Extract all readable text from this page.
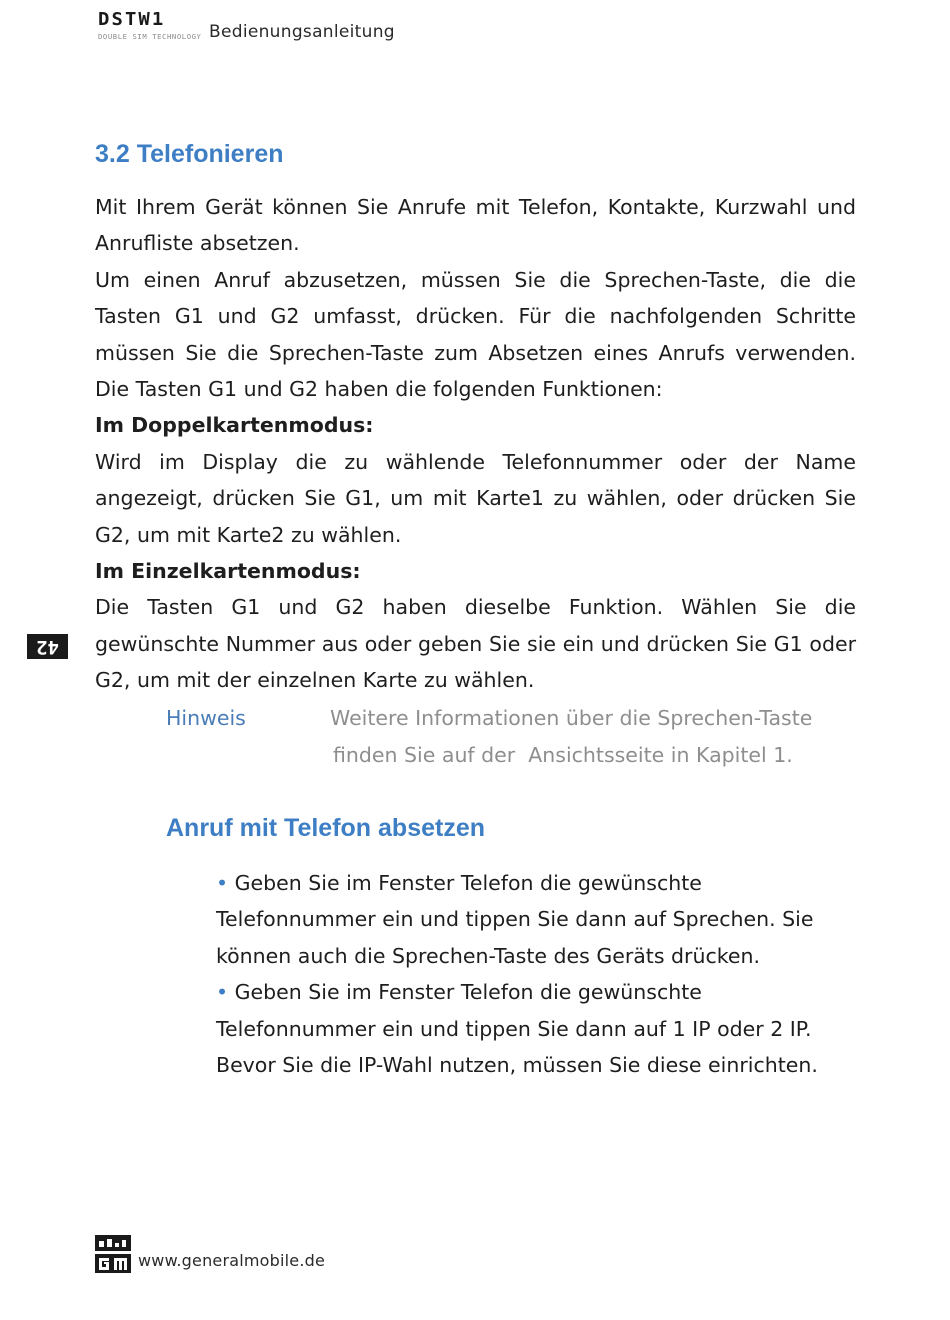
DSTW1
DOUBLE SIM TECHNOLOGY Bedienungsanleitung
3.2 Telefonieren

Mit Ihrem Gerät können Sie Anrufe mit Telefon, Kontakte, Kurzwahl und Anrufliste absetzen.

Um einen Anruf abzusetzen, müssen Sie die Sprechen-Taste, die die Tasten G1 und G2 umfasst, drücken. Für die nachfolgenden Schritte müssen Sie die Sprechen-Taste zum Absetzen eines Anrufs verwenden. Die Tasten G1 und G2 haben die folgenden Funktionen:

Im Doppelkartenmodus:

Wird im Display die zu wählende Telefonnummer oder der Name angezeigt, drücken Sie G1, um mit Karte1 zu wählen, oder drücken Sie G2, um mit Karte2 zu wählen.

Im Einzelkartenmodus:

Die Tasten G1 und G2 haben dieselbe Funktion. Wählen Sie die gewünschte Nummer aus oder geben Sie sie ein und drücken Sie G1 oder G2, um mit der einzelnen Karte zu wählen.

42
Hinweis	Weitere Informationen über die Sprechen-Taste
finden Sie auf der  Ansichtsseite in Kapitel 1.
Anruf mit Telefon absetzen

• Geben Sie im Fenster Telefon die gewünschte Telefonnummer ein und tippen Sie dann auf Sprechen. Sie können auch die Sprechen-Taste des Geräts drücken.

• Geben Sie im Fenster Telefon die gewünschte Telefonnummer ein und tippen Sie dann auf 1 IP oder 2 IP. Bevor Sie die IP-Wahl nutzen, müssen Sie diese einrichten.

www.generalmobile.de
